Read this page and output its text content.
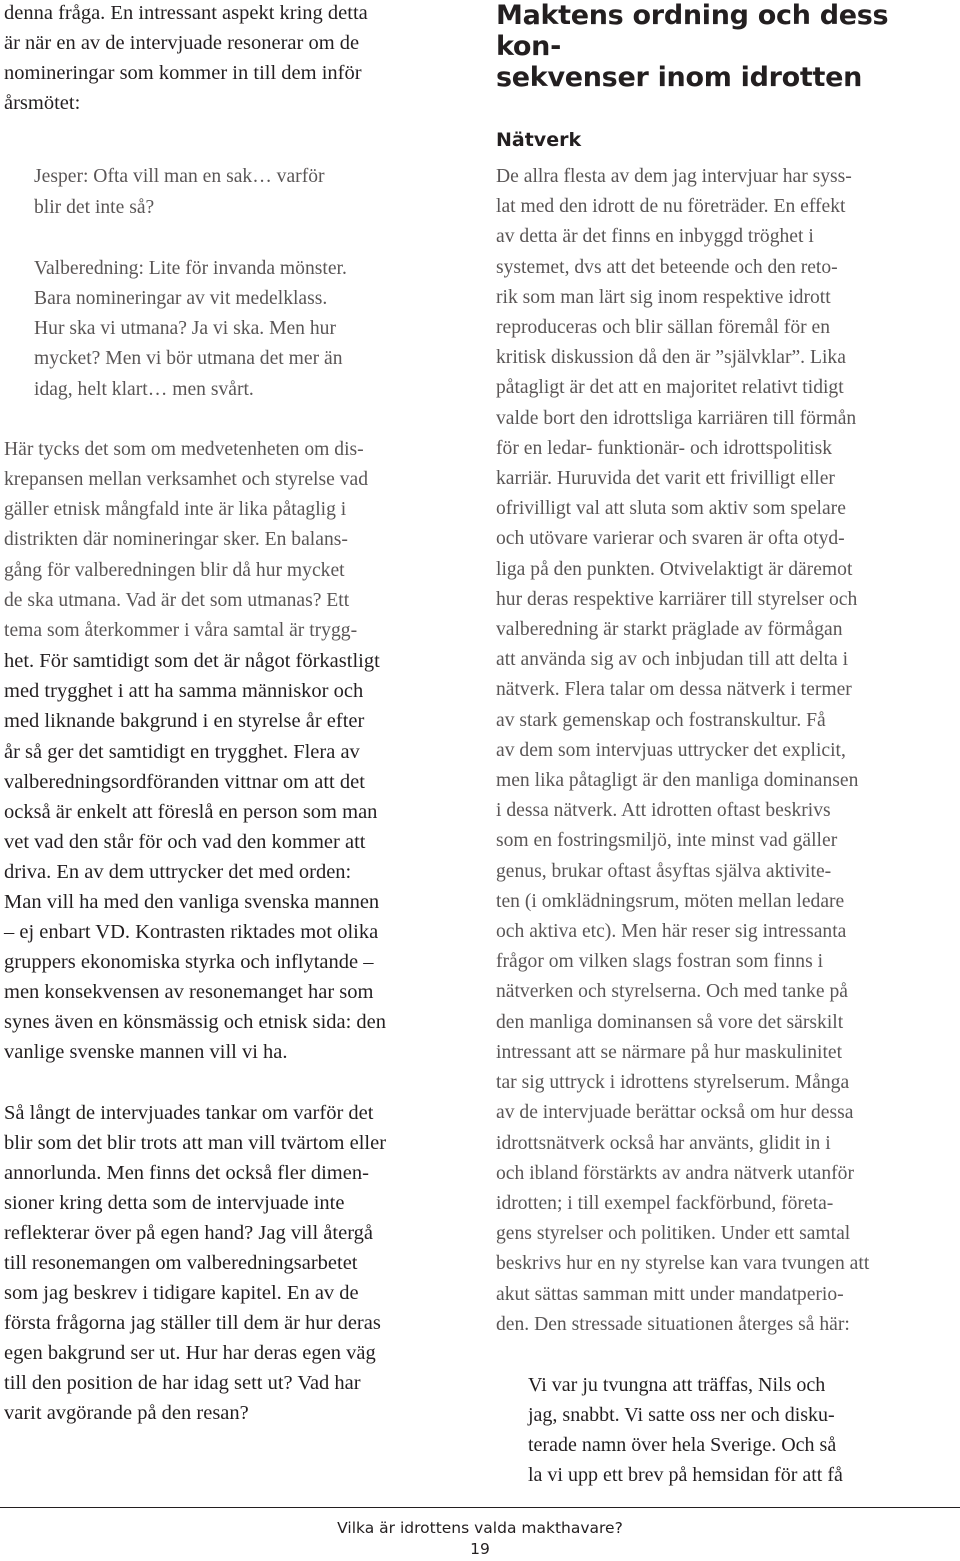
denna fråga. En intressant aspekt kring detta
är när en av de intervjuade resonerar om de
nomineringar som kommer in till dem inför
årsmötet:

Jesper: Ofta vill man en sak… varför
blir det inte så?

Valberedning: Lite för invanda mönster.
Bara nomineringar av vit medelklass.
Hur ska vi utmana? Ja vi ska. Men hur
mycket? Men vi bör utmana det mer än
idag, helt klart… men svårt.

Här tycks det som om medvetenheten om dis-
krepansen mellan verksamhet och styrelse vad
gäller etnisk mångfald inte är lika påtaglig i
distrikten där nomineringar sker. En balans-
gång för valberedningen blir då hur mycket
de ska utmana. Vad är det som utmanas? Ett
tema som återkommer i våra samtal är trygg-

het. För samtidigt som det är något förkastligt
med trygghet i att ha samma människor och
med liknande bakgrund i en styrelse år efter
år så ger det samtidigt en trygghet. Flera av
valberedningsordföranden vittnar om att det
också är enkelt att föreslå en person som man
vet vad den står för och vad den kommer att
driva. En av dem uttrycker det med orden:
Man vill ha med den vanliga svenska mannen
– ej enbart VD. Kontrasten riktades mot olika
gruppers ekonomiska styrka och inflytande –
men konsekvensen av resonemanget har som
synes även en könsmässig och etnisk sida: den
vanlige svenske mannen vill vi ha.

Så långt de intervjuades tankar om varför det
blir som det blir trots att man vill tvärtom eller
annorlunda. Men finns det också fler dimen-
sioner kring detta som de intervjuade inte
reflekterar över på egen hand? Jag vill återgå
till resonemangen om valberedningsarbetet
som jag beskrev i tidigare kapitel. En av de
första frågorna jag ställer till dem är hur deras
egen bakgrund ser ut. Hur har deras egen väg
till den position de har idag sett ut? Vad har
varit avgörande på den resan?

Maktens ordning och dess kon-
sekvenser inom idrotten
Nätverk

De allra flesta av dem jag intervjuar har syss-
lat med den idrott de nu företräder. En effekt
av detta är det finns en inbyggd tröghet i
systemet, dvs att det beteende och den reto-
rik som man lärt sig inom respektive idrott
reproduceras och blir sällan föremål för en
kritisk diskussion då den är ”självklar”. Lika
påtagligt är det att en majoritet relativt tidigt
valde bort den idrottsliga karriären till förmån
för en ledar- funktionär- och idrottspolitisk
karriär. Huruvida det varit ett frivilligt eller
ofrivilligt val att sluta som aktiv som spelare
och utövare varierar och svaren är ofta otyd-
liga på den punkten. Otvivelaktigt är däremot
hur deras respektive karriärer till styrelser och
valberedning är starkt präglade av förmågan
att använda sig av och inbjudan till att delta i
nätverk. Flera talar om dessa nätverk i termer
av stark gemenskap och fostranskultur. Få
av dem som intervjuas uttrycker det explicit,
men lika påtagligt är den manliga dominansen
i dessa nätverk. Att idrotten oftast beskrivs
som en fostringsmiljö, inte minst vad gäller
genus, brukar oftast åsyftas själva aktivite-
ten (i omklädningsrum, möten mellan ledare
och aktiva etc). Men här reser sig intressanta
frågor om vilken slags fostran som finns i
nätverken och styrelserna. Och med tanke på
den manliga dominansen så vore det särskilt
intressant att se närmare på hur maskulinitet
tar sig uttryck i idrottens styrelserum. Många
av de intervjuade berättar också om hur dessa
idrottsnätverk också har använts, glidit in i
och ibland förstärkts av andra nätverk utanför
idrotten; i till exempel fackförbund, företa-
gens styrelser och politiken. Under ett samtal
beskrivs hur en ny styrelse kan vara tvungen att
akut sättas samman mitt under mandatperio-
den. Den stressade situationen återges så här:

Vi var ju tvungna att träffas, Nils och
jag, snabbt. Vi satte oss ner och disku-
terade namn över hela Sverige. Och så
la vi upp ett brev på hemsidan för att få

Vilka är idrottens valda makthavare?
19
